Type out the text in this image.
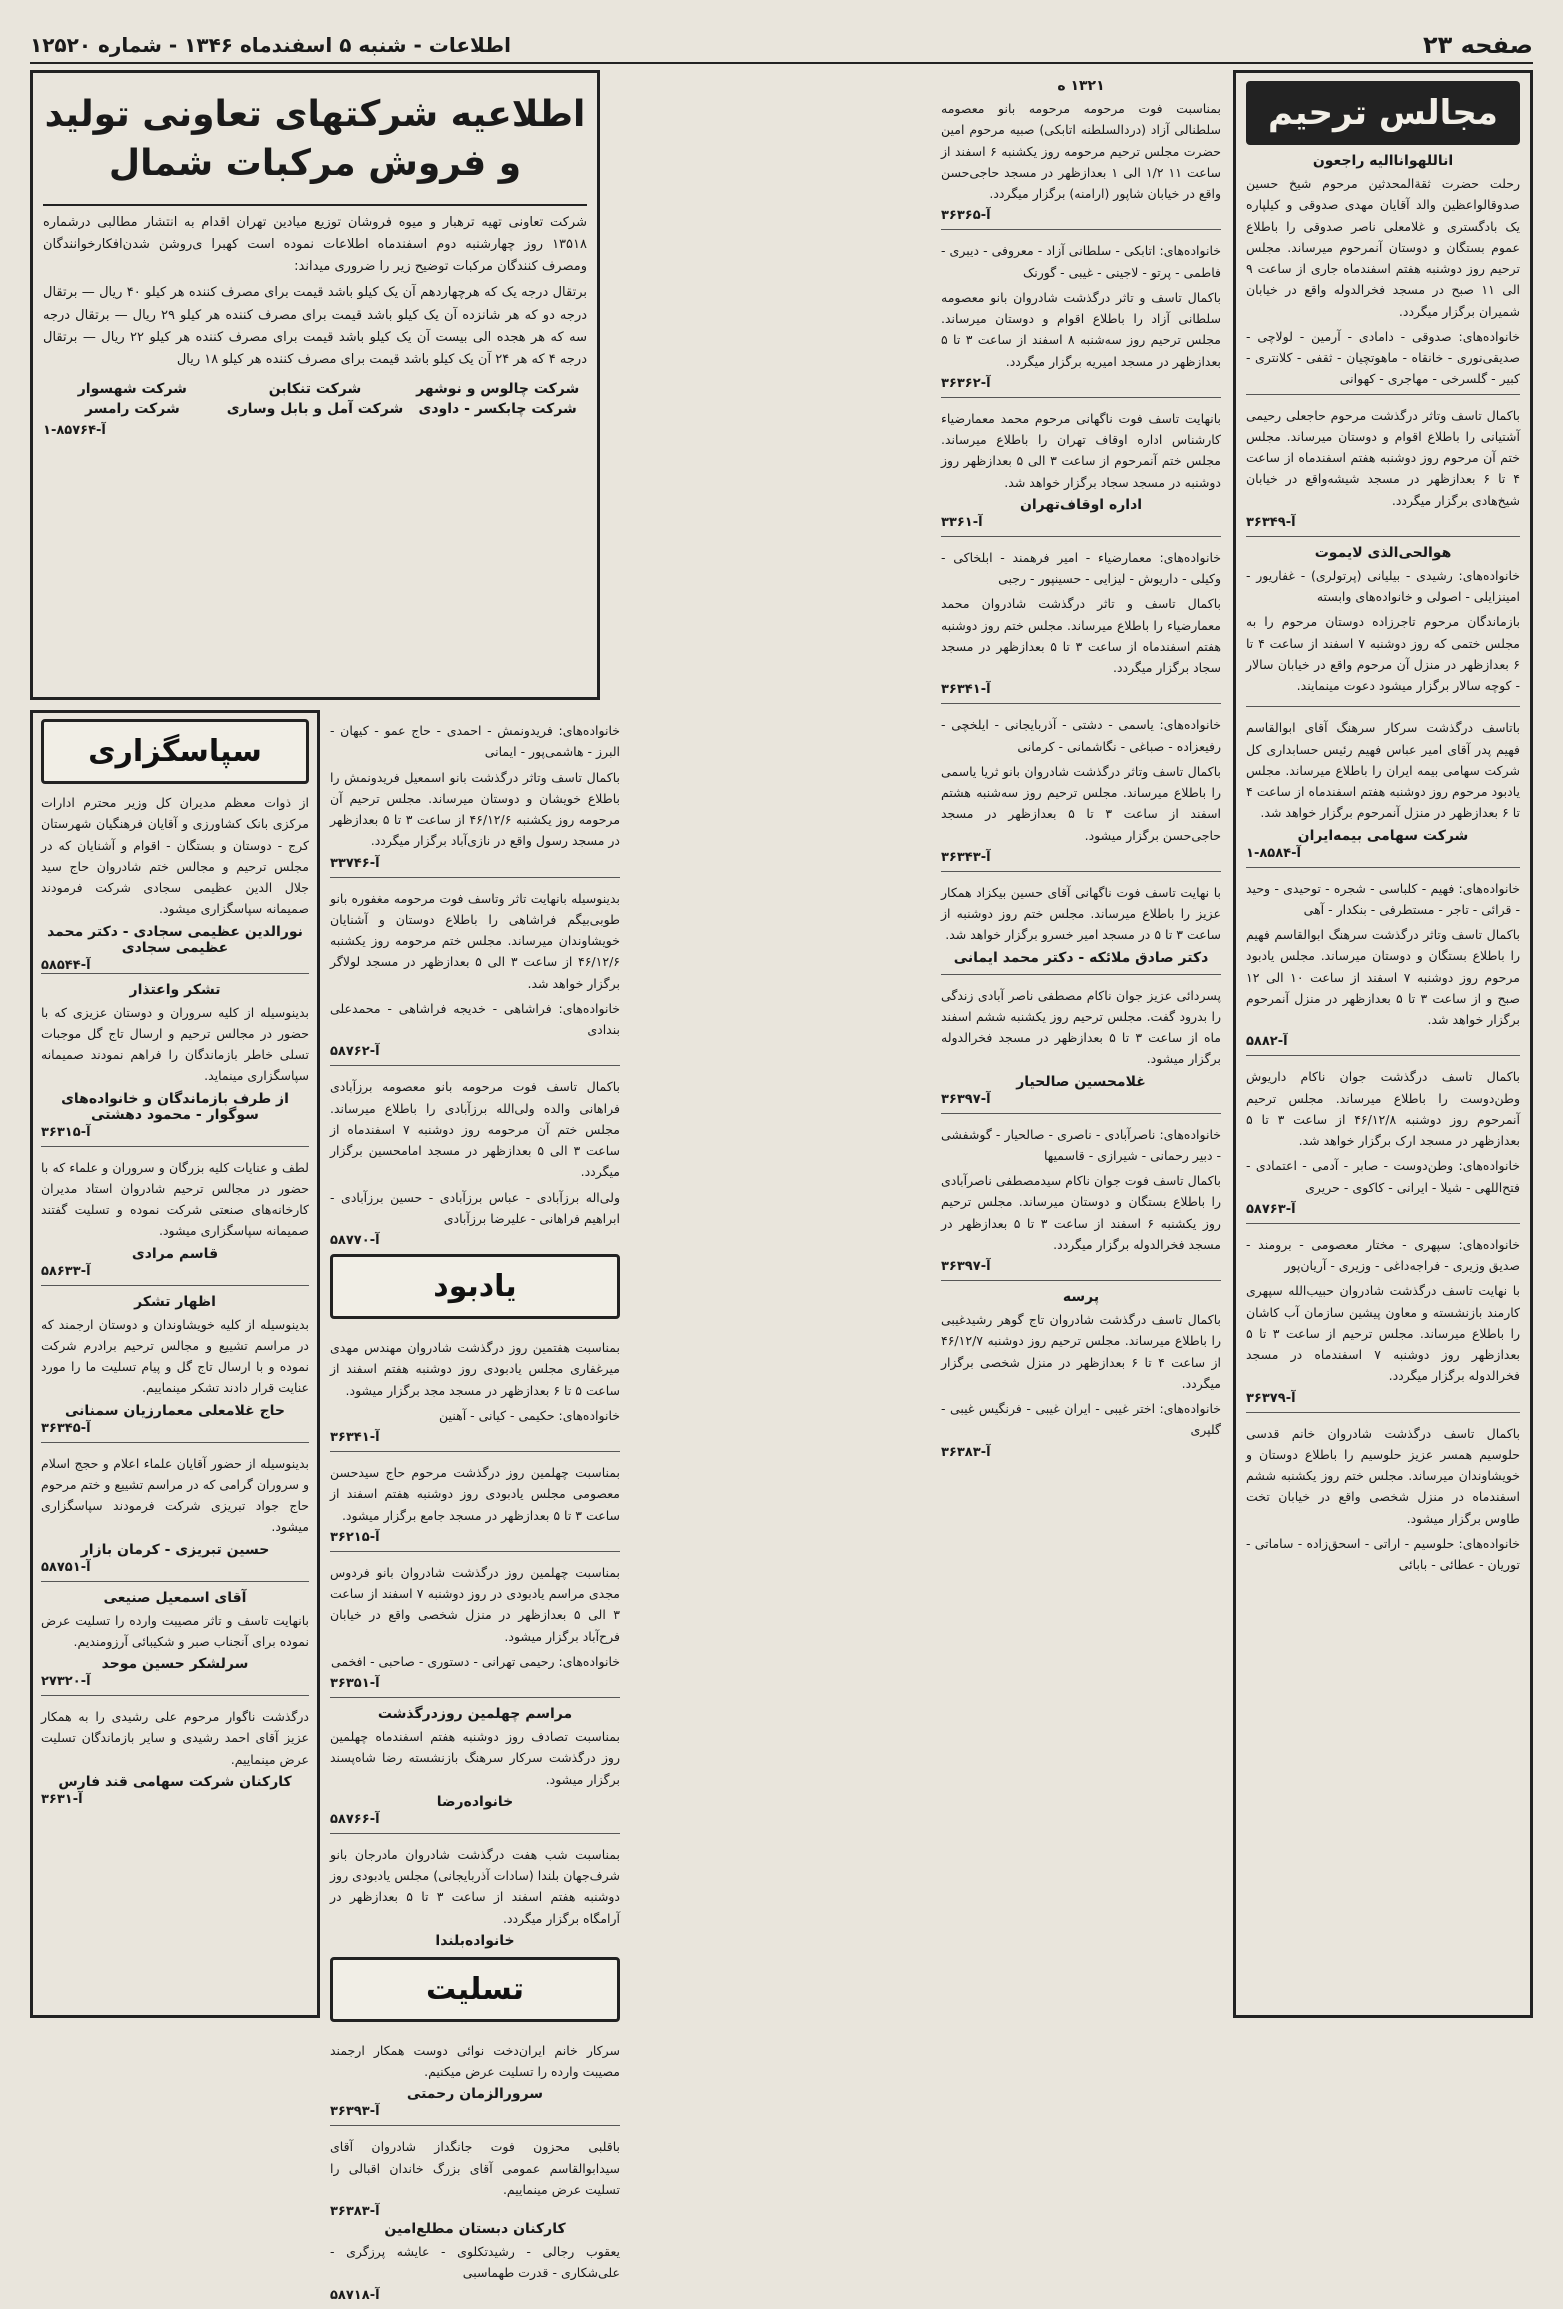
صفحه ۲۳
اطلاعات - شنبه ۵ اسفندماه ۱۳۴۶ - شماره ۱۲۵۲۰
مجالس ترحیم
اناللهوانااليه راجعون
رحلت حضرت ثقةالمحدثین مرحوم شیخ حسین صدوقالواعظین والد آقایان مهدی صدوقی و کیلپاره یک بادگستری و غلامعلی ناصر صدوقی را باطلاع عموم بستگان و دوستان آنمرحوم میرساند. مجلس ترحیم روز دوشنبه هفتم اسفندماه جاری از ساعت ۹ الی ۱۱ صبح در مسجد فخرالدوله واقع در خیابان شمیران برگزار میگردد.
خانواده‌های: صدوقی - دامادی - آرمین - لولاچی - صدیقی‌نوری - خانقاه - ماهوتچیان - ثقفی - کلانتری - کبیر - گلسرخی - مهاجری - کهوانی
باکمال تاسف وتاثر درگذشت مرحوم حاجعلی رحیمی آشتیانی را باطلاع اقوام و دوستان میرساند. مجلس ختم آن مرحوم روز دوشنبه هفتم اسفندماه از ساعت ۴ تا ۶ بعدازظهر در مسجد شیشه‌واقع در خیابان شیخ‌هادی برگزار میگردد.
آ-۳۶۳۴۹
هوالحی‌الذی لایموت
خانواده‌های: رشیدی - بیلیانی (پرتولری) - غفاریور - امینزایلی - اصولی و خانواده‌های وابسته
بازماندگان مرحوم تاجرزاده دوستان مرحوم را به مجلس ختمی که روز دوشنبه ۷ اسفند از ساعت ۴ تا ۶ بعدازظهر در منزل آن مرحوم واقع در خیابان سالار - کوچه سالار برگزار میشود دعوت مینمایند.
باتاسف درگذشت سرکار سرهنگ آقای ابوالقاسم فهیم پدر آقای امیر عباس فهیم رئیس حسابداری کل شرکت سهامی بیمه ایران را باطلاع میرساند. مجلس یادبود مرحوم روز دوشنبه هفتم اسفندماه از ساعت ۴ تا ۶ بعدازظهر در منزل آنمرحوم برگزار خواهد شد.
شرکت سهامی بیمه‌ایران
آ-۸۵۸۴-۱
خانواده‌های: فهیم - کلباسی - شجره - توحیدی - وحید - قرائی - تاجر - مستطرفی - بنکدار - آهی
باکمال تاسف وتاثر درگذشت سرهنگ ابوالقاسم فهیم را باطلاع بستگان و دوستان میرساند. مجلس یادبود مرحوم روز دوشنبه ۷ اسفند از ساعت ۱۰ الی ۱۲ صبح و از ساعت ۳ تا ۵ بعدازظهر در منزل آنمرحوم برگزار خواهد شد.
آ-۵۸۸۲
باکمال تاسف درگذشت جوان ناکام داریوش وطن‌دوست را باطلاع میرساند. مجلس ترحیم آنمرحوم روز دوشنبه ۴۶/۱۲/۸ از ساعت ۳ تا ۵ بعدازظهر در مسجد ارک برگزار خواهد شد.
خانواده‌های: وطن‌دوست - صابر - آدمی - اعتمادی - فتح‌اللهی - شیلا - ایرانی - کاکوی - حریری
آ-۵۸۷۶۳
خانواده‌های: سپهری - مختار معصومی - برومند - صدیق وزیری - فراجه‌داغی - وزیری - آریان‌پور
با نهایت تاسف درگذشت شادروان حبیب‌الله سپهری کارمند بازنشسته و معاون پیشین سازمان آب کاشان را باطلاع میرساند. مجلس ترحیم از ساعت ۳ تا ۵ بعدازظهر روز دوشنبه ۷ اسفندماه در مسجد فخرالدوله برگزار میگردد.
آ-۳۶۳۷۹
باکمال تاسف درگذشت شادروان خانم قدسی حلوسیم همسر عزیز حلوسیم را باطلاع دوستان و خویشاوندان میرساند. مجلس ختم روز یکشنبه ششم اسفندماه در منزل شخصی واقع در خیابان تخت طاوس برگزار میشود.
خانواده‌های: حلوسیم - اراتی - اسحق‌زاده - ساماتی - توریان - عطائی - بابائی
۱۳۲۱ ه
بمناسبت فوت مرحومه مرحومه بانو معصومه سلطنالی آزاد (دردالسلطنه اتابکی) صبیه مرحوم امین حضرت مجلس ترحیم مرحومه روز یکشنبه ۶ اسفند از ساعت ۱۱ ۱/۲ الی ۱ بعدازظهر در مسجد حاجی‌حسن واقع در خیابان شاپور (ارامنه) برگزار میگردد.
آ-۳۶۳۶۵
خانواده‌های: اتابکی - سلطانی آزاد - معروفی - دیبری - فاطمی - پرتو - لاجینی - غیبی - گورنک
باکمال تاسف و تاثر درگذشت شادروان بانو معصومه سلطانی آزاد را باطلاع اقوام و دوستان میرساند. مجلس ترحیم روز سه‌شنبه ۸ اسفند از ساعت ۳ تا ۵ بعدازظهر در مسجد امیریه برگزار میگردد.
آ-۳۶۳۶۲
بانهایت تاسف فوت ناگهانی مرحوم محمد معمارضیاء کارشناس اداره اوقاف تهران را باطلاع میرساند. مجلس ختم آنمرحوم از ساعت ۳ الی ۵ بعدازظهر روز دوشنبه در مسجد سجاد برگزار خواهد شد.
اداره اوقاف‌تهران
آ-۳۳۶۱
خانواده‌های: معمارضیاء - امیر فرهمند - ابلخاکی - وکیلی - داریوش - لیزایی - حسینپور - رجبی
باکمال تاسف و تاثر درگذشت شادروان محمد معمارضیاء را باطلاع میرساند. مجلس ختم روز دوشنبه هفتم اسفندماه از ساعت ۳ تا ۵ بعدازظهر در مسجد سجاد برگزار میگردد.
آ-۳۶۳۴۱
خانواده‌های: یاسمی - دشتی - آذربایجانی - ایلخچی - رفیعزاده - صباغی - نگاشمانی - کرمانی
باکمال تاسف وتاثر درگذشت شادروان بانو ثریا یاسمی را باطلاع میرساند. مجلس ترحیم روز سه‌شنبه هشتم اسفند از ساعت ۳ تا ۵ بعدازظهر در مسجد حاجی‌حسن برگزار میشود.
آ-۳۶۳۴۳
با نهایت تاسف فوت ناگهانی آقای حسین بیکزاد همکار عزیز را باطلاع میرساند. مجلس ختم روز دوشنبه از ساعت ۳ تا ۵ در مسجد امیر خسرو برگزار خواهد شد.
دکتر صادق ملائکه - دکتر محمد ایمانی
پسردائی عزیز جوان ناکام مصطفی ناصر آبادی زندگی را بدرود گفت. مجلس ترحیم روز یکشنبه ششم اسفند ماه از ساعت ۳ تا ۵ بعدازظهر در مسجد فخرالدوله برگزار میشود.
غلامحسین صالحیار
آ-۳۶۳۹۷
خانواده‌های: ناصرآبادی - ناصری - صالحیار - گوشفشی - دبیر رحمانی - شیرازی - قاسمیها
باکمال تاسف فوت جوان ناکام سیدمصطفی ناصرآبادی را باطلاع بستگان و دوستان میرساند. مجلس ترحیم روز یکشنبه ۶ اسفند از ساعت ۳ تا ۵ بعدازظهر در مسجد فخرالدوله برگزار میگردد.
آ-۳۶۳۹۷
پرسه
باکمال تاسف درگذشت شادروان تاج گوهر رشیدغیبی را باطلاع میرساند. مجلس ترحیم روز دوشنبه ۴۶/۱۲/۷ از ساعت ۴ تا ۶ بعدازظهر در منزل شخصی برگزار میگردد.
خانواده‌های: اختر غیبی - ایران غیبی - فرنگیس غیبی - گلپری
آ-۳۶۳۸۳
اطلاعیه شرکتهای تعاونی تولید و فروش مرکبات شمال
شرکت تعاونی تهیه ترهبار و میوه فروشان توزیع میادین تهران اقدام به انتشار مطالبی درشماره ۱۳۵۱۸ روز چهارشنبه دوم اسفندماه اطلاعات نموده است کهبرا ی‌روشن شدن‌افکارخوانندگان ومصرف کنندگان مرکبات توضیح زیر را ضروری میداند:
برتقال درجه یک که هرچهاردهم آن یک کیلو باشد قیمت برای مصرف کننده هر کیلو ۴۰ ریال — برتقال درجه دو که هر شانزده آن یک کیلو باشد قیمت برای مصرف کننده هر کیلو ۲۹ ریال — برتقال درجه سه که هر هجده الی بیست آن یک کیلو باشد قیمت برای مصرف کننده هر کیلو ۲۲ ریال — برتقال درجه ۴ که هر ۲۴ آن یک کیلو باشد قیمت برای مصرف کننده هر کیلو ۱۸ ریال
شرکت چالوس و نوشهر
شرکت تنکابن
شرکت شهسوار
شرکت چابکسر - داودی
شرکت آمل و بابل وساری
شرکت رامسر
آ-۸۵۷۶۴-۱
خانواده‌های: فریدونمش - احمدی - حاج عمو - کیهان - البرز - هاشمی‌پور - ایمانی
باکمال تاسف وتاثر درگذشت بانو اسمعیل فریدونمش را باطلاع خویشان و دوستان میرساند. مجلس ترحیم آن مرحومه روز یکشنبه ۴۶/۱۲/۶ از ساعت ۳ تا ۵ بعدازظهر در مسجد رسول واقع در نازی‌آباد برگزار میگردد.
آ-۳۳۷۴۶
بدینوسیله بانهایت تاثر وتاسف فوت مرحومه مغفوره بانو طوبی‌بیگم فراشاهی را باطلاع دوستان و آشنایان خویشاوندان میرساند. مجلس ختم مرحومه روز یکشنبه ۴۶/۱۲/۶ از ساعت ۳ الی ۵ بعدازظهر در مسجد لولاگر برگزار خواهد شد.
خانواده‌های: فراشاهی - خدیجه فراشاهی - محمدعلی بندادی
آ-۵۸۷۶۲
باکمال تاسف فوت مرحومه بانو معصومه برزآبادی فراهانی والده ولی‌الله برزآبادی را باطلاع میرساند. مجلس ختم آن مرحومه روز دوشنبه ۷ اسفندماه از ساعت ۳ الی ۵ بعدازظهر در مسجد امامحسین برگزار میگردد.
ولی‌اله برزآبادی - عباس برزآبادی - حسین برزآبادی - ابراهیم فراهانی - علیرضا برزآبادی
آ-۵۸۷۷۰
یادبود
بمناسبت هفتمین روز درگذشت شادروان مهندس مهدی میرغفاری مجلس یادبودی روز دوشنبه هفتم اسفند از ساعت ۵ تا ۶ بعدازظهر در مسجد مجد برگزار میشود.
خانواده‌های: حکیمی - کیانی - آهنین
آ-۳۶۳۴۱
بمناسبت چهلمین روز درگذشت مرحوم حاج سیدحسن معصومی مجلس یادبودی روز دوشنبه هفتم اسفند از ساعت ۳ تا ۵ بعدازظهر در مسجد جامع برگزار میشود.
آ-۳۶۲۱۵
بمناسبت چهلمین روز درگذشت شادروان بانو فردوس مجدی مراسم یادبودی در روز دوشنبه ۷ اسفند از ساعت ۳ الی ۵ بعدازظهر در منزل شخصی واقع در خیابان فرح‌آباد برگزار میشود.
خانواده‌های: رحیمی تهرانی - دستوری - صاحبی - افخمی
آ-۳۶۳۵۱
مراسم چهلمین روزدرگذشت
بمناسبت تصادف روز دوشنبه هفتم اسفندماه چهلمین روز درگذشت سرکار سرهنگ بازنشسته رضا شاه‌پسند برگزار میشود.
خانواده‌رضا
آ-۵۸۷۶۶
بمناسبت شب هفت درگذشت شادروان مادرجان بانو شرف‌جهان بلندا (سادات آذربایجانی) مجلس یادبودی روز دوشنبه هفتم اسفند از ساعت ۳ تا ۵ بعدازظهر در آرامگاه برگزار میگردد.
خانواده‌بلندا
تسلیت
سرکار خانم ایران‌دخت نوائی دوست همکار ارجمند مصیبت وارده را تسلیت عرض میکنیم.
سرورالزمان رحمتی
آ-۳۶۳۹۳
باقلبی محزون فوت جانگداز شادروان آقای سیدابوالقاسم عمومی آقای بزرگ خاندان اقبالی را تسلیت عرض مینماییم.
آ-۳۶۳۸۳
کارکنان دبستان مطلع‌امین
یعقوب رجالی - رشیدتکلوی - عایشه پرزگری - علی‌شکاری - قدرت طهماسبی
آ-۵۸۷۱۸
سپاسگزاری
از ذوات معظم مدیران کل وزیر محترم ادارات مرکزی بانک کشاورزی و آقایان فرهنگیان شهرستان کرج - دوستان و بستگان - اقوام و آشنایان که در مجلس ترحیم و مجالس ختم شادروان حاج سید جلال الدین عظیمی سجادی شرکت فرمودند صمیمانه سپاسگزاری میشود.
نورالدین عظیمی سجادی - دکتر محمد عظیمی سجادی
آ-۵۸۵۴۴
تشکر واعتذار
بدینوسیله از کلیه سروران و دوستان عزیزی که با حضور در مجالس ترحیم و ارسال تاج گل موجبات تسلی خاطر بازماندگان را فراهم نمودند صمیمانه سپاسگزاری مینماید.
از طرف بازماندگان و خانواده‌های سوگوار - محمود دهشتی
آ-۳۶۳۱۵
لطف و عنایات کلیه بزرگان و سروران و علماء که با حضور در مجالس ترحیم شادروان استاد مدیران کارخانه‌های صنعتی شرکت نموده و تسلیت گفتند صمیمانه سپاسگزاری میشود.
قاسم مرادی
آ-۵۸۶۳۳
اظهار تشکر
بدینوسیله از کلیه خویشاوندان و دوستان ارجمند که در مراسم تشییع و مجالس ترحیم برادرم شرکت نموده و با ارسال تاج گل و پیام تسلیت ما را مورد عنایت قرار دادند تشکر مینماییم.
حاج غلامعلی معمارزیان سمنانی
آ-۳۶۳۴۵
بدینوسیله از حضور آقایان علماء اعلام و حجج اسلام و سروران گرامی که در مراسم تشییع و ختم مرحوم حاج جواد تبریزی شرکت فرمودند سپاسگزاری میشود.
حسین تبریزی - کرمان بازار
آ-۵۸۷۵۱
آقای اسمعیل صنیعی
بانهایت تاسف و تاثر مصیبت وارده را تسلیت عرض نموده برای آنجناب صبر و شکیبائی آرزومندیم.
سرلشکر حسین موحد
آ-۲۷۳۲۰
درگذشت ناگوار مرحوم علی رشیدی را به همکار عزیز آقای احمد رشیدی و سایر بازماندگان تسلیت عرض مینماییم.
کارکنان شرکت سهامی قند فارس
آ-۳۶۳۱
